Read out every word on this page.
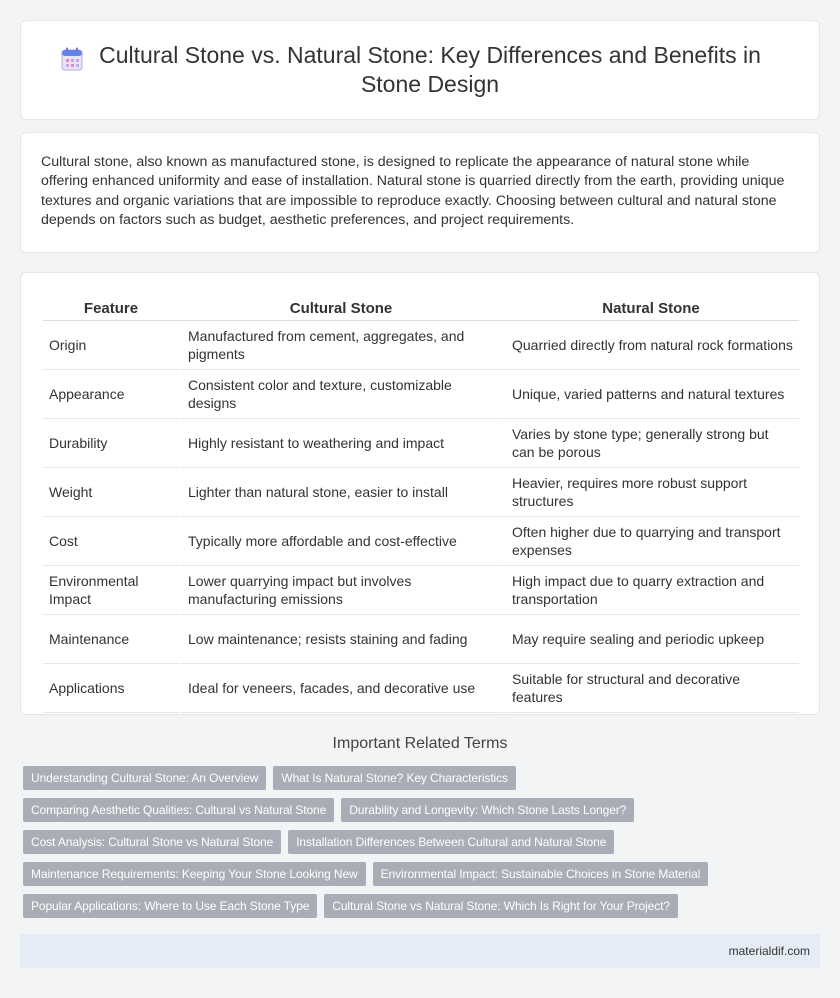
Cultural Stone vs. Natural Stone: Key Differences and Benefits in Stone Design

Cultural stone, also known as manufactured stone, is designed to replicate the appearance of natural stone while offering enhanced uniformity and ease of installation. Natural stone is quarried directly from the earth, providing unique textures and organic variations that are impossible to reproduce exactly. Choosing between cultural and natural stone depends on factors such as budget, aesthetic preferences, and project requirements.

Feature	Cultural Stone	Natural Stone
Origin	Manufactured from cement, aggregates, and pigments	Quarried directly from natural rock formations
Appearance	Consistent color and texture, customizable designs	Unique, varied patterns and natural textures
Durability	Highly resistant to weathering and impact	Varies by stone type; generally strong but can be porous
Weight	Lighter than natural stone, easier to install	Heavier, requires more robust support structures
Cost	Typically more affordable and cost-effective	Often higher due to quarrying and transport expenses
Environmental Impact	Lower quarrying impact but involves manufacturing emissions	High impact due to quarry extraction and transportation
Maintenance	Low maintenance; resists staining and fading	May require sealing and periodic upkeep
Applications	Ideal for veneers, facades, and decorative use	Suitable for structural and decorative features
Important Related Terms
Understanding Cultural Stone: An Overview	What Is Natural Stone? Key Characteristics
Comparing Aesthetic Qualities: Cultural vs Natural Stone	Durability and Longevity: Which Stone Lasts Longer?
Cost Analysis: Cultural Stone vs Natural Stone	Installation Differences Between Cultural and Natural Stone
Maintenance Requirements: Keeping Your Stone Looking New	Environmental Impact: Sustainable Choices in Stone Material
Popular Applications: Where to Use Each Stone Type	Cultural Stone vs Natural Stone: Which Is Right for Your Project?
materialdif.com
